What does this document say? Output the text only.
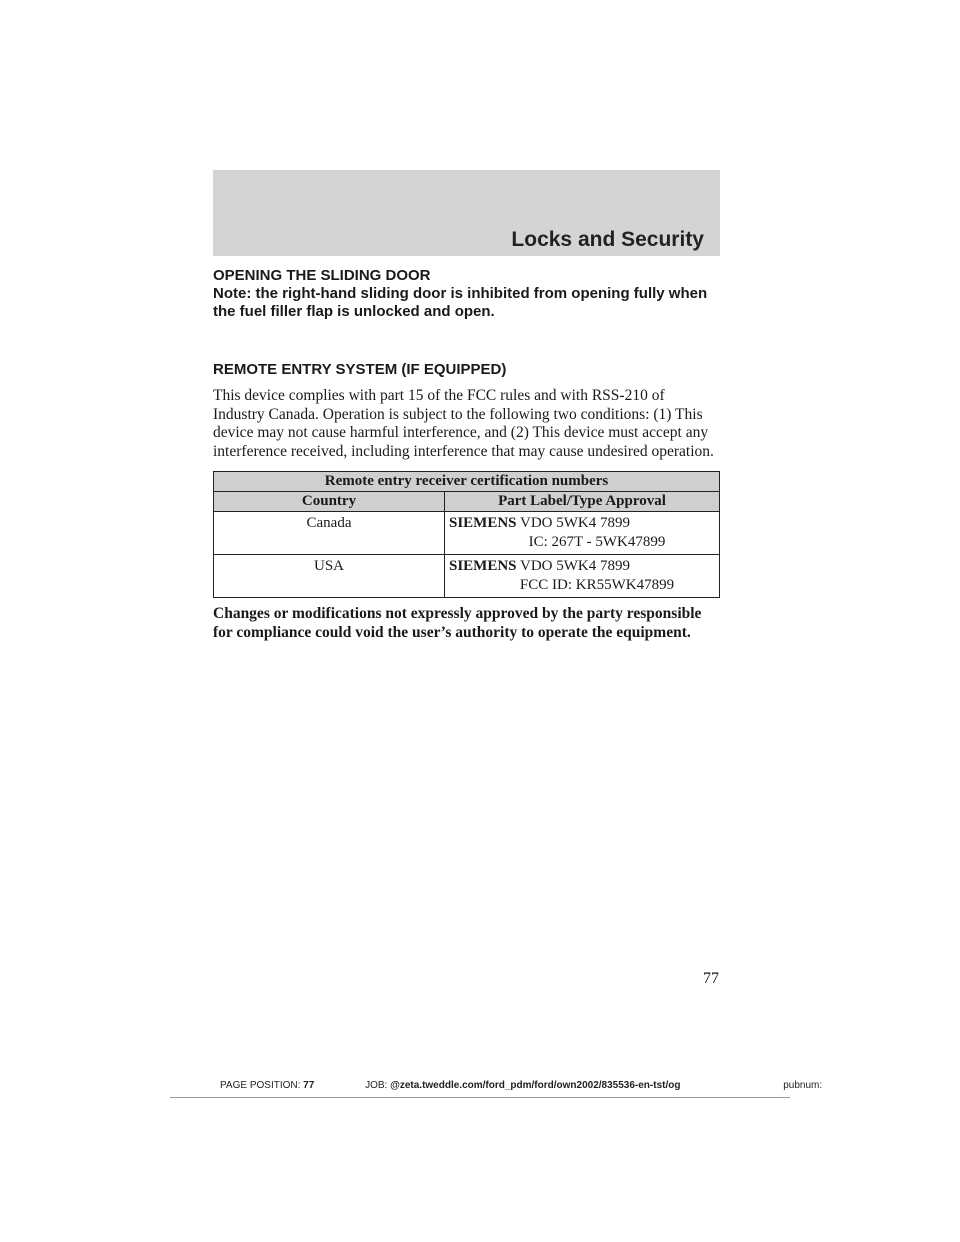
Locks and Security

OPENING THE SLIDING DOOR

Note: the right-hand sliding door is inhibited from opening fully when the fuel filler flap is unlocked and open.

REMOTE ENTRY SYSTEM (IF EQUIPPED)

This device complies with part 15 of the FCC rules and with RSS-210 of Industry Canada. Operation is subject to the following two conditions: (1) This device may not cause harmful interference, and (2) This device must accept any interference received, including interference that may cause undesired operation.

Remote entry receiver certification numbers	
Country	Part Label/Type Approval
Canada	SIEMENS VDO 5WK4 7899
IC: 267T - 5WK47899

USA	SIEMENS VDO 5WK4 7899
FCC ID: KR55WK47899

Changes or modifications not expressly approved by the party responsible for compliance could void the user’s authority to operate the equipment.

77
PAGE POSITION: 77	JOB: @zeta.tweddle.com/ford_pdm/ford/own2002/835536-en-tst/og	pubnum:
